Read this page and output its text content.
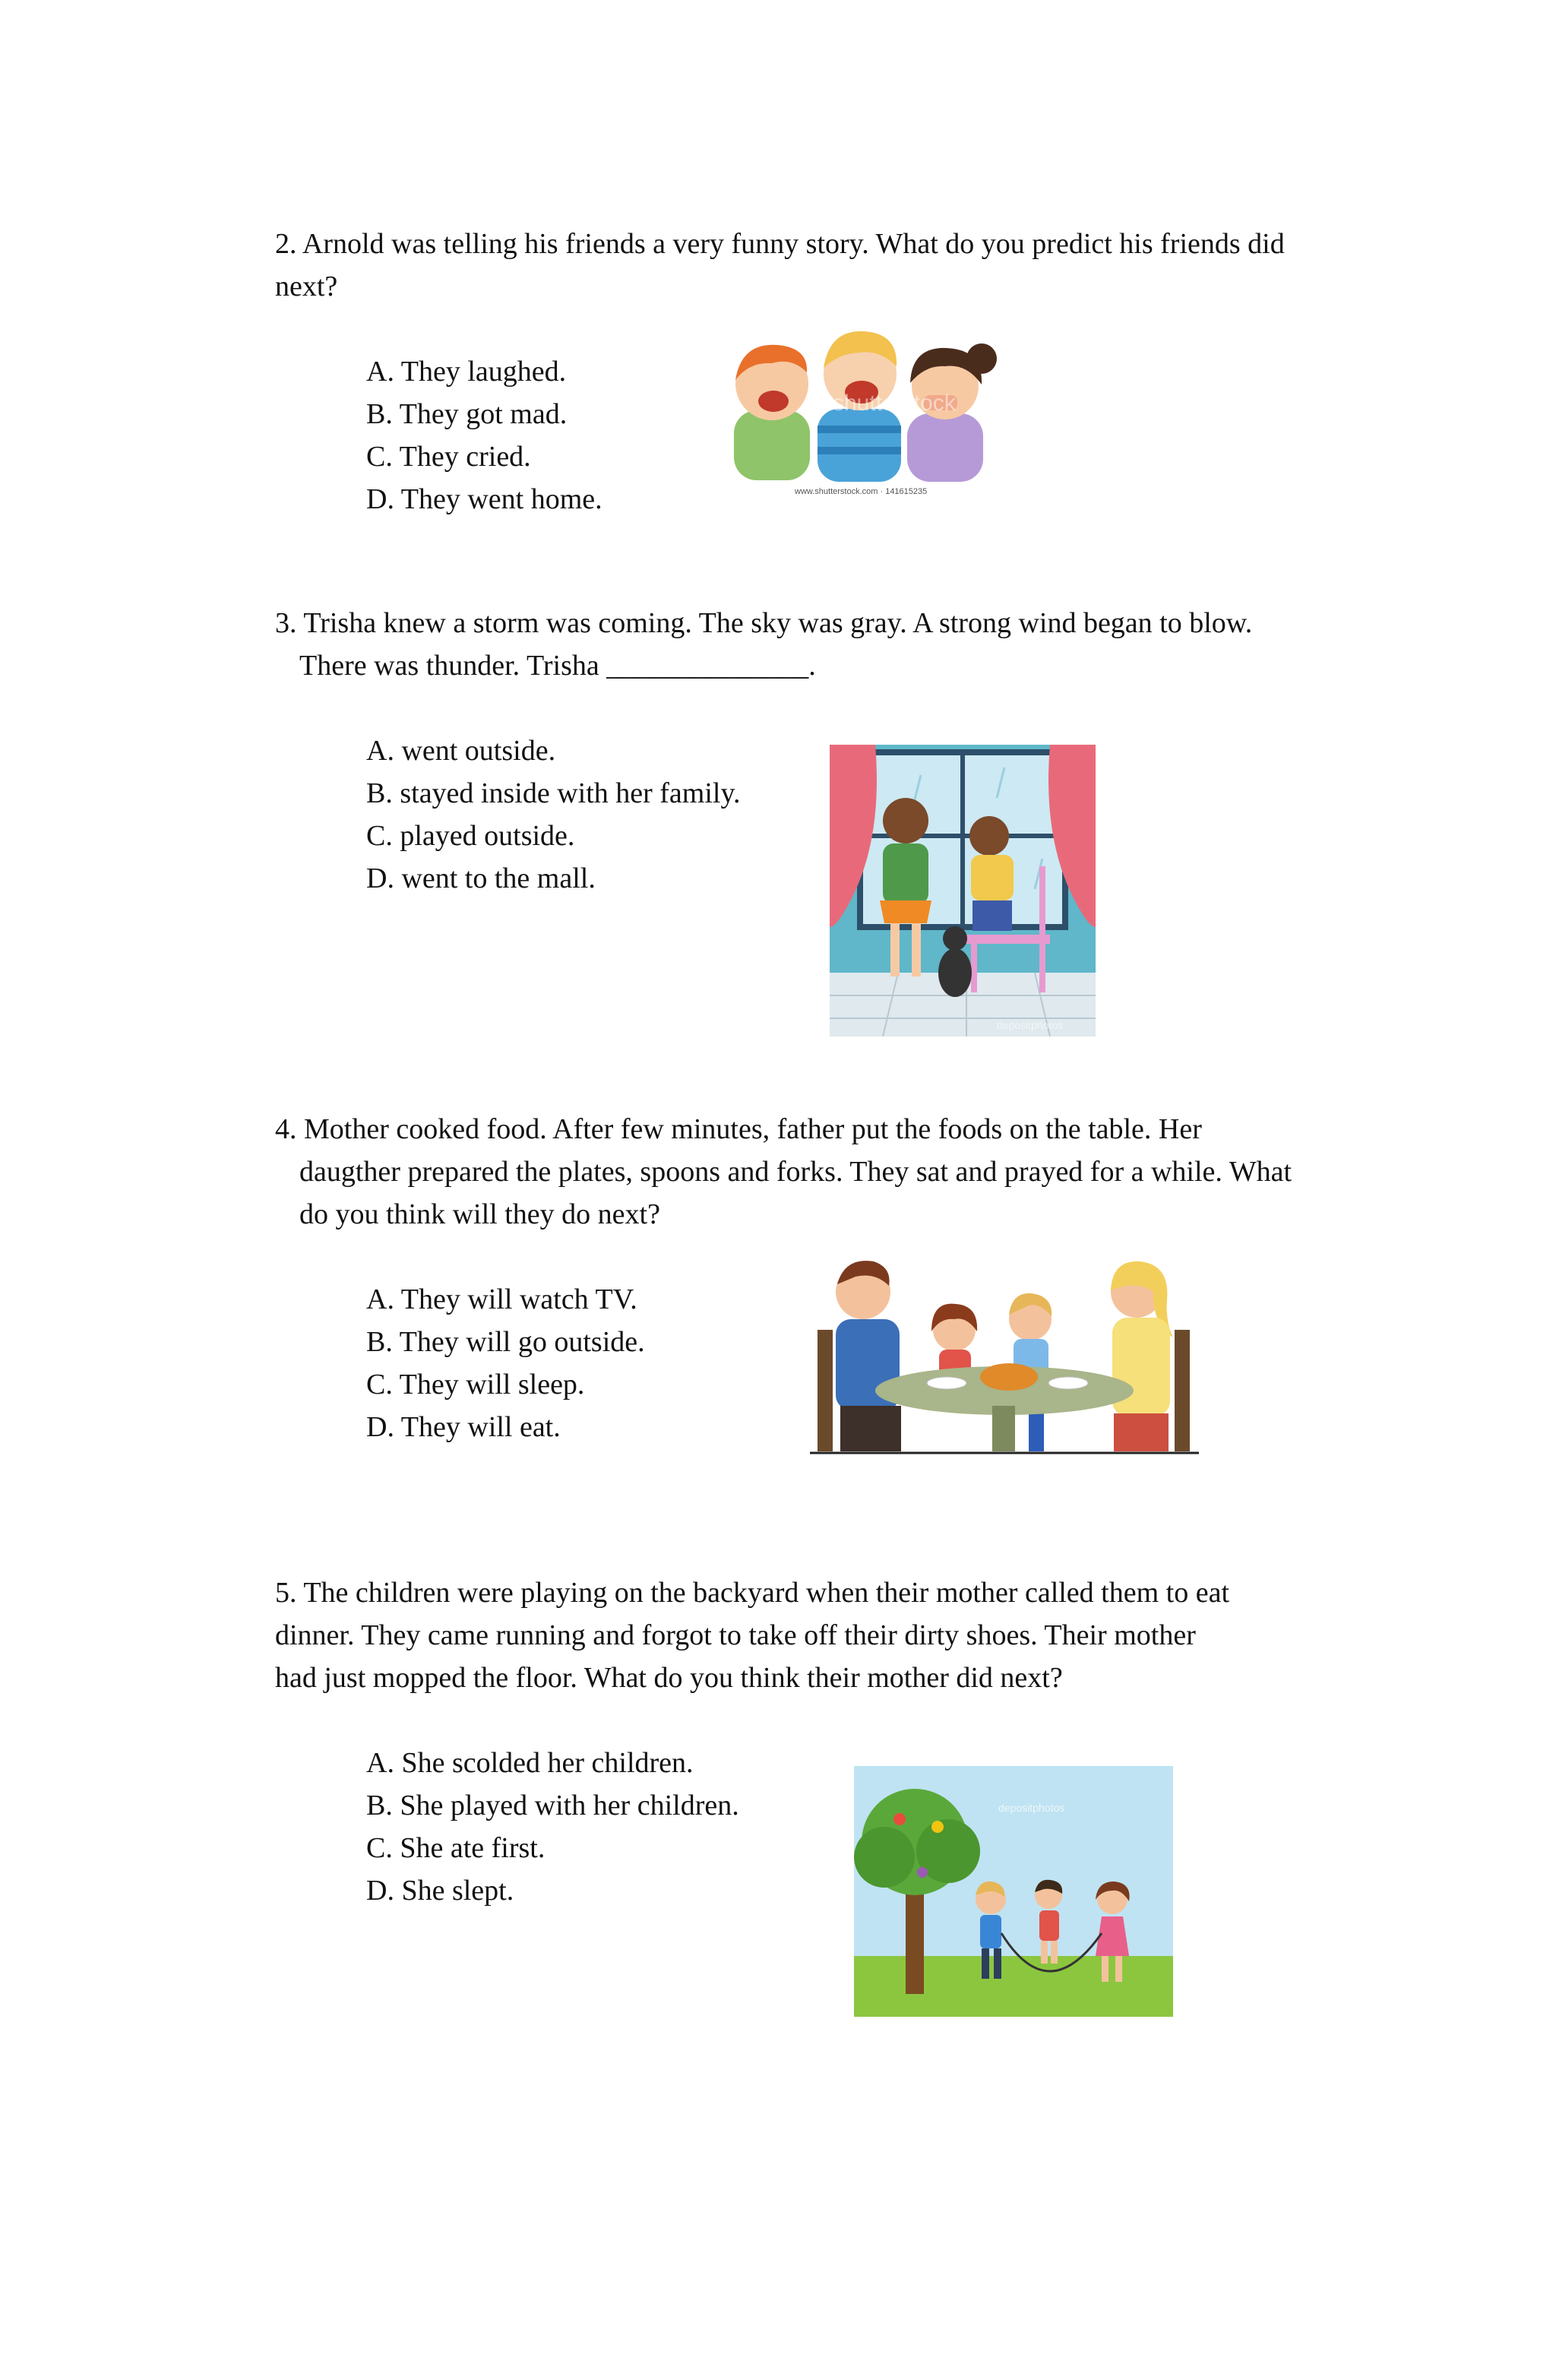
2. Arnold was telling his friends a very funny story. What do you predict his friends did
next?

A. They laughed.
B. They got mad.
C. They cried.
D. They went home.
shutterstock
www.shutterstock.com · 141615235

3. Trisha knew a storm was coming. The sky was gray. A strong wind began to blow.
There was thunder. Trisha ______________.

A. went outside.
B. stayed inside with her family.
C. played outside.
D. went to the mall.
depositphotos

4. Mother cooked food. After few minutes, father put the foods on the table. Her
daugther prepared the plates, spoons and forks. They sat and prayed for a while. What
do you think will they do next?

A. They will watch TV.
B. They will go outside.
C. They will sleep.
D. They will eat.

5. The children were playing on the backyard when their mother called them to eat
dinner. They came running and forgot to take off their dirty shoes. Their mother
had just mopped the floor. What do you think their mother did next?

A. She scolded her children.
B. She played with her children.
C. She ate first.
D. She slept.
depositphotos
